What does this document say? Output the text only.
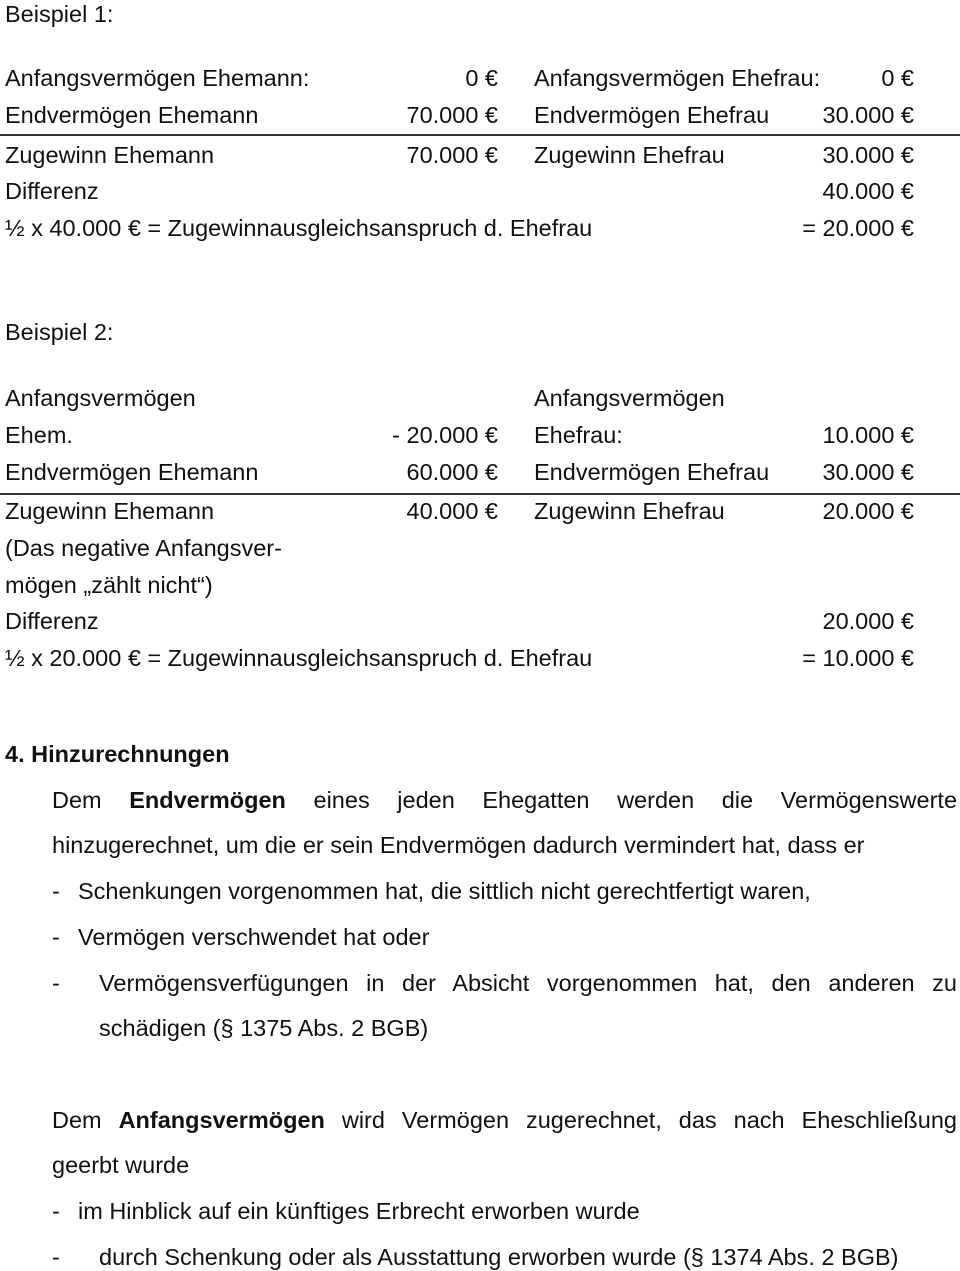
Beispiel 1:
Anfangsvermögen Ehemann:	0 € Anfangsvermögen Ehefrau:	0 €
Endvermögen Ehemann	70.000 € Endvermögen Ehefrau 30.000 €
Zugewinn Ehemann	70.000 € Zugewinn Ehefrau	30.000 €
Differenz	40.000 €
½ x 40.000 € = Zugewinnausgleichsanspruch d. Ehefrau	= 20.000 €
Beispiel 2:
Anfangsvermögen	Anfangsvermögen
Ehem.	- 20.000 € Ehefrau:	10.000 €
Endvermögen Ehemann	60.000 € Endvermögen Ehefrau 30.000 €
Zugewinn Ehemann	40.000 € Zugewinn Ehefrau	20.000 €
(Das negative Anfangsver-
mögen „zählt nicht“)
Differenz	20.000 €
½ x 20.000 € = Zugewinnausgleichsanspruch d. Ehefrau	= 10.000 €
4. Hinzurechnungen
Dem Endvermögen eines jeden Ehegatten werden die Vermögenswerte
hinzugerechnet, um die er sein Endvermögen dadurch vermindert hat, dass er
- Schenkungen vorgenommen hat, die sittlich nicht gerechtfertigt waren,
- Vermögen verschwendet hat oder
- Vermögensverfügungen in der Absicht vorgenommen hat, den anderen zu
schädigen (§ 1375 Abs. 2 BGB)
Dem Anfangsvermögen wird Vermögen zugerechnet, das nach Eheschließung
geerbt wurde
- im Hinblick auf ein künftiges Erbrecht erworben wurde
- durch Schenkung oder als Ausstattung erworben wurde (§ 1374 Abs. 2 BGB)
